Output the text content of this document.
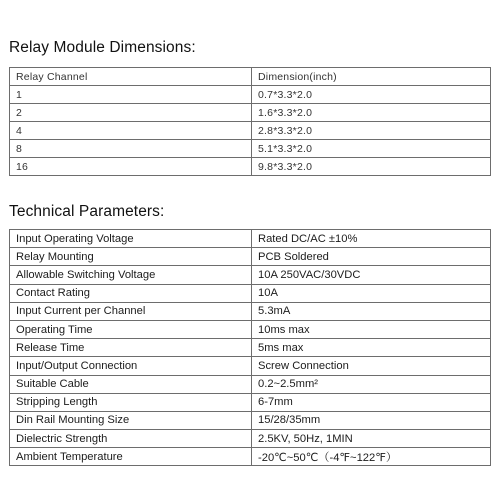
Relay Module Dimensions:
Relay Channel	Dimension(inch)
1	0.7*3.3*2.0
2	1.6*3.3*2.0
4	2.8*3.3*2.0
8	5.1*3.3*2.0
16	9.8*3.3*2.0
Technical Parameters:
Input Operating Voltage	Rated DC/AC ±10%
Relay Mounting	PCB Soldered
Allowable Switching Voltage	10A 250VAC/30VDC
Contact Rating	10A
Input Current per Channel	5.3mA
Operating Time	10ms max
Release Time	5ms max
Input/Output Connection	Screw Connection
Suitable Cable	0.2~2.5mm²
Stripping Length	6-7mm
Din Rail Mounting Size	15/28/35mm
Dielectric Strength	2.5KV, 50Hz, 1MIN
Ambient Temperature	-20℃~50℃（-4℉~122℉）
